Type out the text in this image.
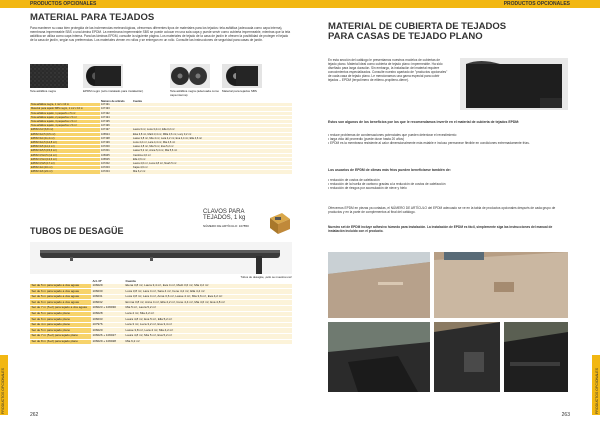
PRODUCTOS OPCIONALES
PRODUCTOS OPCIONALES
MATERIAL PARA TEJADOS
Para mantener su casa bien protegida de las inclemencias meteorológicas, ofrecemos diferentes tipos de materiales para los tejados: tela asfáltica (adecuada como capa interna), membrana impermeable SBS o una lámina EPDM. La membrana impermeable SBS se puede colocar en una sola capa y puede servir como cubierta impermeable, mientras que la tela asfáltica se utiliza como capa interna. Para las láminas EPDM, consulte la siguiente página. Los materiales de tejado de la casa de jardín le ofrecen la posibilidad de proteger el tejado de la casa de jardín, según sus preferencias. Los materiales vienen en rollos y se entregan en un rollo. Consulte las instrucciones de seguridad para casas de jardín.
Tela asfáltica negra	EPDM negro (sólo instalado para instalación)	Tela asfáltica negra (adecuada como capa interna)
Material para tejados SBS
	Número de artículo	Cuenta
Tela asfáltica negra, 1 m2 x 10 m	107191	
Material para tejado SBS negro, 1 m2 x 10 m	107193	
Tela asfáltica tejado, 1 pequeño x 5 m²	107192	
Tela asfáltica tejado, 2 pequeños x 5 m²	107194	
Tela asfáltica tejado, 3 pequeños x 5 m²	107195	
Tela asfáltica tejado, 4 pequeños x 5 m²	107196	
EPDM 2x3 (6,8 m²)	107197	Laura 3 m², Luca 3,4 m², Ella 3,2 m²
EPDM 3x3,5 (9,5 m²)	106524	Elsa 3,8 m², Marit 3,4 m², Milla 3,6 m², Lucy 3,2 m²
EPDM 3x4 (11,4 m²)	107198	Lasse 3,8 m², Mia 4 m², Lara 4,2 m², Eva 4,4 m², Ella 4,6 m²
EPDM 3x4,5 (12,8 m²)	107199	Luca 4,2 m², Lara 4,4 m², Mia 4,6 m²
EPDM 3x5 (14,2 m²)	107200	Lasse 4,8 m², Mia 5 m², Eva 5,2 m²
EPDM 3x5,5 (15,6 m²)	107201	Lasse 5,2 m², Anna 5,4 m², Mia 5,6 m²
EPDM 3,5x3,5 (12 m²)	106935	Carolina 4,6 m²
EPDM 3,5x4 (13,6 m²)	106525	Ella 3,6 m²
EPDM 3,5x5 (17 m²)	107202	Laura 4,6 m², Luca 4,8 m², Noah 5 m²
EPDM 4x4 (16 m²)	107203	Kajsa 4,6 m²
EPDM 4x6 (24 m²)	107204	Mia 6,2 m²
CLAVOS PARA TEJADOS, 1 kg
NÚMERO DE ARTÍCULO: 107850
TUBOS DE DESAGÜE
Tubos de desagüe, ¡sólo se muestra uno!
	Art. Nº	Cuenta
Set de 5 m para tejado a dos aguas	106029	Elena 3,8 m², Laura 3,4 m², Eva 4 m², Marit 3,6 m², Mia 3,2 m²
Set de 6 m para tejado a dos aguas	106030	Luca 3,8 m², Lara 4 m², Sara 4 m², Irene 4,2 m², Ella 4,4 m²
Set de 5 m para tejado a dos aguas	106031	Luca 3,8 m², Lara 4 m², Anna 3,6 m², Lasse 4 m², Mia 3,6 m², Eva 4,2 m²
Set de 6 m para tejado a dos aguas	106032	Emma 3,8 m², Anna 4 m², Ella 4,2 m², Irene 4,4 m², Mia 4,6 m², Eva 4,8 m²
Set de 7 m (5+2) para tejado a dos aguas	106023 + 106030	Mia 5 m², Laura 5,2 m²
Set de 5 m para tejado plano	106028	Lara 4 m², Mia 4,2 m²
Set de 6 m para tejado plano	106033	Laura 4,8 m², Eva 5 m², Ella 5,2 m²
Set de 4 m para tejado plano	107976	Lara 3 m², Luca 3,2 m², Eva 3,4 m²
Set de 5 m para tejado plano	106020	Lasse 3,8 m², Lara 4 m², Mia 4,2 m²
Set de 7 m (5+2) para tejado plano	106026 + 106027	Laura 4,8 m², Mia 5 m², Eva 5,2 m²
Set de 8 m (6+2) para tejado plano	106029 + 106028	Mia 6,2 m²
262
PRODUCTOS OPCIONALES
PRODUCTOS OPCIONALES
MATERIAL DE CUBIERTA DE TEJADOS PARA CASAS DE TEJADO PLANO
En esta sección del catálogo le presentamos nuestros modelos de cubiertas de tejado plano. Material ideal como cubierta de tejado plano: impermeable. Ha sido diseñado para larga duración. Sin embargo, la instalación del material requiere conocimientos especializados. Consulte nuestro apartado de "productos opcionales" de cada casa de tejado plano. Le mencionamos una gama especial para cubrir tejados – EPDM (terpolímero de etileno-propileno-diene).
Estos son algunos de los beneficios por los que le recomendamos invertir en el material de cubierta de tejados EPDM:
• reduce problemas de condensaciones potenciales que pueden deteriorar el revestimiento
• larga vida útil promedio (puede durar hasta 20 años)
• EPDM es la membrana resistente al calor dimensionalmente más estable e incluso permanece flexible en condiciones extremadamente frías.
Los usuarios de EPDM de climas más fríos pueden beneficiarse también de:
• reducción de costos de calefacción
• reducción de la huella de carbono gracias a la reducción de costos de calefacción
• reducción de riesgos por acumulación de nieve y hielo
Ofrecemos EPDM en piezas ya cortadas, el NÚMERO DE ARTÍCULO del EPDM adecuado se ve en la tabla de productos opcionales después de cada grupo de productos y en la parte de complementos al final del catálogo.
Nuestro set de EPDM incluye adhesivo húmedo para instalación. La instalación de EPDM es fácil, simplemente siga las instrucciones del manual de instalación incluido con el producto.
263
